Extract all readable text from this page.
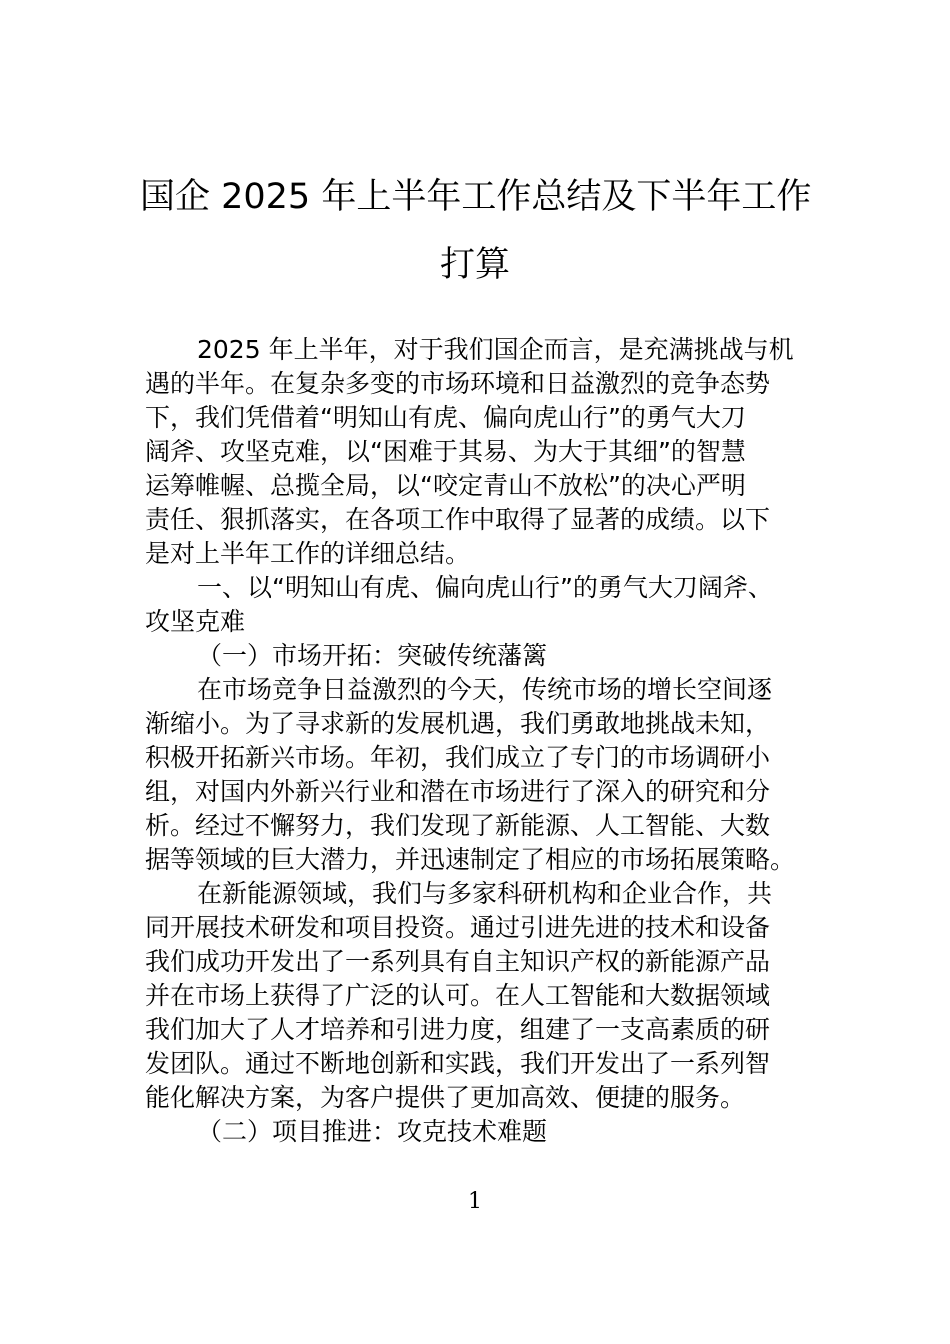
国企 2025 年上半年工作总结及下半年工作
打算
2025 年上半年，对于我们国企而言，是充满挑战与机
遇的半年。在复杂多变的市场环境和日益激烈的竞争态势
下，我们凭借着“明知山有虎、偏向虎山行”的勇气大刀
阔斧、攻坚克难，以“困难于其易、为大于其细”的智慧
运筹帷幄、总揽全局，以“咬定青山不放松”的决心严明
责任、狠抓落实，在各项工作中取得了显著的成绩。以下
是对上半年工作的详细总结。
一、以“明知山有虎、偏向虎山行”的勇气大刀阔斧、
攻坚克难
（一）市场开拓：突破传统藩篱
在市场竞争日益激烈的今天，传统市场的增长空间逐
渐缩小。为了寻求新的发展机遇，我们勇敢地挑战未知，
积极开拓新兴市场。年初，我们成立了专门的市场调研小
组，对国内外新兴行业和潜在市场进行了深入的研究和分
析。经过不懈努力，我们发现了新能源、人工智能、大数
据等领域的巨大潜力，并迅速制定了相应的市场拓展策略。
在新能源领域，我们与多家科研机构和企业合作，共
同开展技术研发和项目投资。通过引进先进的技术和设备
我们成功开发出了一系列具有自主知识产权的新能源产品
并在市场上获得了广泛的认可。在人工智能和大数据领域
我们加大了人才培养和引进力度，组建了一支高素质的研
发团队。通过不断地创新和实践，我们开发出了一系列智
能化解决方案，为客户提供了更加高效、便捷的服务。
（二）项目推进：攻克技术难题
1
